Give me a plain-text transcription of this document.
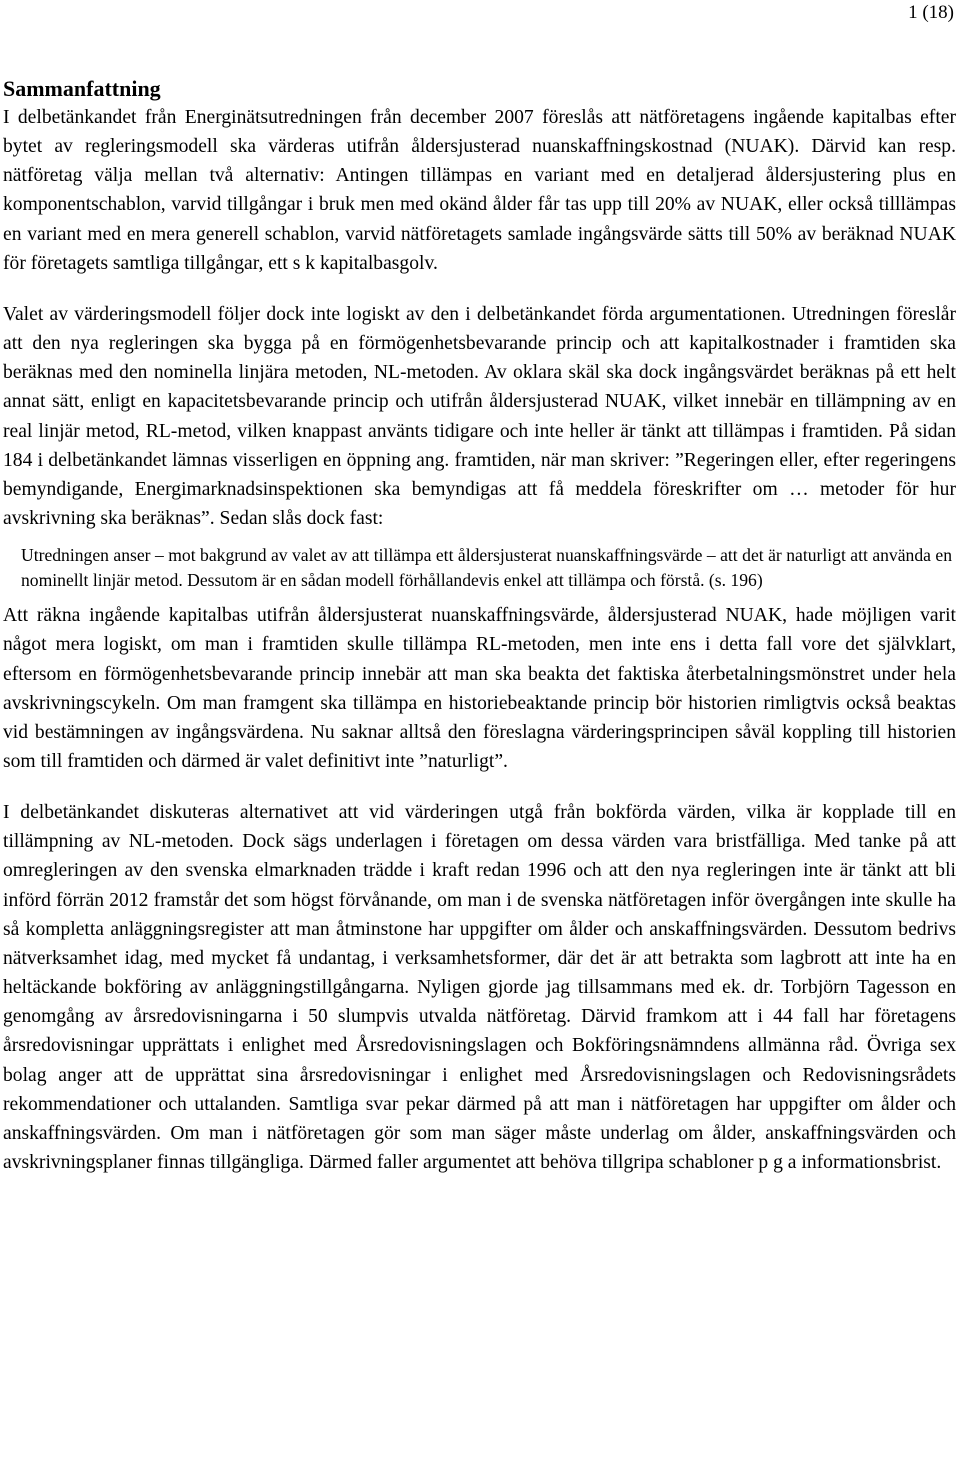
1 (18)
Sammanfattning

I delbetänkandet från Energinätsutredningen från december 2007 föreslås att nätföretagens ingående kapitalbas efter bytet av regleringsmodell ska värderas utifrån åldersjusterad nuanskaffningskostnad (NUAK). Därvid kan resp. nätföretag välja mellan två alternativ: Antingen tillämpas en variant med en detaljerad åldersjustering plus en komponentschablon, varvid tillgångar i bruk men med okänd ålder får tas upp till 20% av NUAK, eller också tilllämpas en variant med en mera generell schablon, varvid nätföretagets samlade ingångsvärde sätts till 50% av beräknad NUAK för företagets samtliga tillgångar, ett s k kapitalbasgolv.

Valet av värderingsmodell följer dock inte logiskt av den i delbetänkandet förda argumentationen. Utredningen föreslår att den nya regleringen ska bygga på en förmögenhetsbevarande princip och att kapitalkostnader i framtiden ska beräknas med den nominella linjära metoden, NL-metoden. Av oklara skäl ska dock ingångsvärdet beräknas på ett helt annat sätt, enligt en kapacitetsbevarande princip och utifrån åldersjusterad NUAK, vilket innebär en tillämpning av en real linjär metod, RL-metod, vilken knappast använts tidigare och inte heller är tänkt att tillämpas i framtiden. På sidan 184 i delbetänkandet lämnas visserligen en öppning ang. framtiden, när man skriver: ”Regeringen eller, efter regeringens bemyndigande, Energimarknadsinspektionen ska bemyndigas att få meddela föreskrifter om … metoder för hur avskrivning ska beräknas”. Sedan slås dock fast:

Utredningen anser – mot bakgrund av valet av att tillämpa ett åldersjusterat nuanskaffningsvärde – att det är naturligt att använda en nominellt linjär metod. Dessutom är en sådan modell förhållandevis enkel att tillämpa och förstå. (s. 196)

Att räkna ingående kapitalbas utifrån åldersjusterat nuanskaffningsvärde, åldersjusterad NUAK, hade möjligen varit något mera logiskt, om man i framtiden skulle tillämpa RL-metoden, men inte ens i detta fall vore det självklart, eftersom en förmögenhetsbevarande princip innebär att man ska beakta det faktiska återbetalningsmönstret under hela avskrivningscykeln. Om man framgent ska tillämpa en historiebeaktande princip bör historien rimligtvis också beaktas vid bestämningen av ingångsvärdena. Nu saknar alltså den föreslagna värderingsprincipen såväl koppling till historien som till framtiden och därmed är valet definitivt inte ”naturligt”.

I delbetänkandet diskuteras alternativet att vid värderingen utgå från bokförda värden, vilka är kopplade till en tillämpning av NL-metoden. Dock sägs underlagen i företagen om dessa värden vara bristfälliga. Med tanke på att omregleringen av den svenska elmarknaden trädde i kraft redan 1996 och att den nya regleringen inte är tänkt att bli införd förrän 2012 framstår det som högst förvånande, om man i de svenska nätföretagen inför övergången inte skulle ha så kompletta anläggningsregister att man åtminstone har uppgifter om ålder och anskaffningsvärden. Dessutom bedrivs nätverksamhet idag, med mycket få undantag, i verksamhetsformer, där det är att betrakta som lagbrott att inte ha en heltäckande bokföring av anläggningstillgångarna. Nyligen gjorde jag tillsammans med ek. dr. Torbjörn Tagesson en genomgång av årsredovisningarna i 50 slumpvis utvalda nätföretag. Därvid framkom att i 44 fall har företagens årsredovisningar upprättats i enlighet med Årsredovisningslagen och Bokföringsnämndens allmänna råd. Övriga sex bolag anger att de upprättat sina årsredovisningar i enlighet med Årsredovisningslagen och Redovisningsrådets rekommendationer och uttalanden. Samtliga svar pekar därmed på att man i nätföretagen har uppgifter om ålder och anskaffningsvärden. Om man i nätföretagen gör som man säger måste underlag om ålder, anskaffningsvärden och avskrivningsplaner finnas tillgängliga. Därmed faller argumentet att behöva tillgripa schabloner p g a informationsbrist.
